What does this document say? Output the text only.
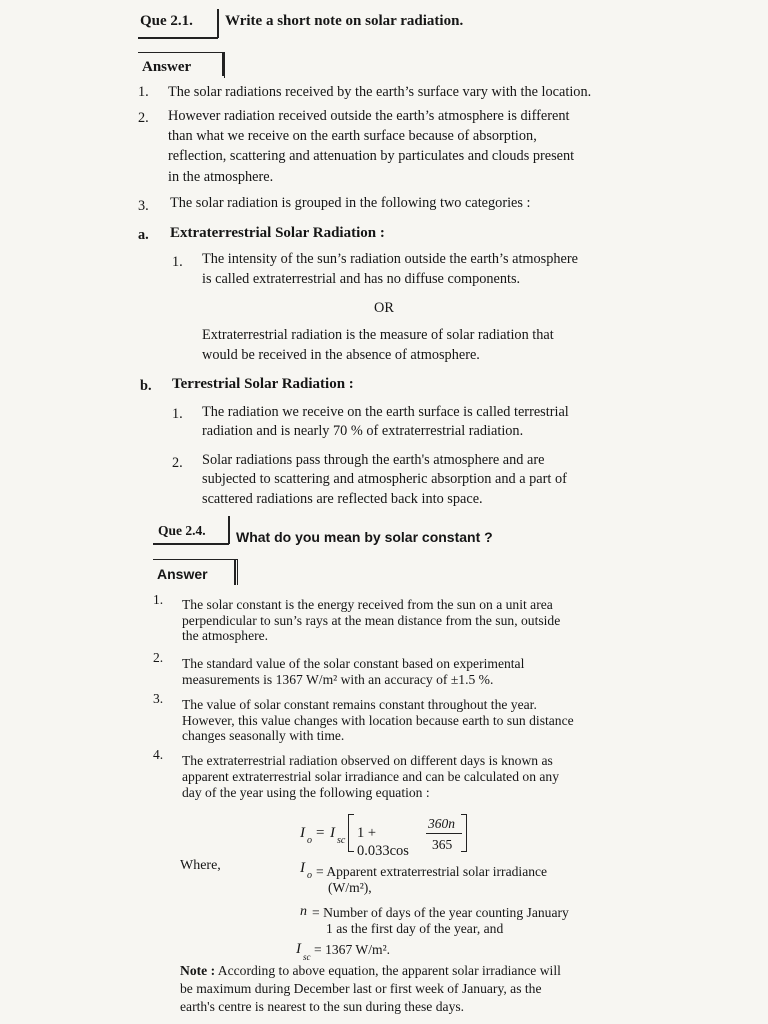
Que 2.1. Write a short note on solar radiation.
Answer
1. The solar radiations received by the earth’s surface vary with the location.
2. However radiation received outside the earth’s atmosphere is different
than what we receive on the earth surface because of absorption,
reflection, scattering and attenuation by particulates and clouds present
in the atmosphere.
3. The solar radiation is grouped in the following two categories :
a. Extraterrestrial Solar Radiation :
1. The intensity of the sun’s radiation outside the earth’s atmosphere
is called extraterrestrial and has no diffuse components.
OR
Extraterrestrial radiation is the measure of solar radiation that
would be received in the absence of atmosphere.
b. Terrestrial Solar Radiation :
1. The radiation we receive on the earth surface is called terrestrial
radiation and is nearly 70 % of extraterrestrial radiation.
2. Solar radiations pass through the earth's atmosphere and are
subjected to scattering and atmospheric absorption and a part of
scattered radiations are reflected back into space.
Que 2.4. What do you mean by solar constant ?
Answer
1. The solar constant is the energy received from the sun on a unit area
perpendicular to sun’s rays at the mean distance from the sun, outside
the atmosphere.
2. The standard value of the solar constant based on experimental
measurements is 1367 W/m² with an accuracy of ±1.5 %.
3. The value of solar constant remains constant throughout the year.
However, this value changes with location because earth to sun distance
changes seasonally with time.
4. The extraterrestrial radiation observed on different days is known as
apparent extraterrestrial solar irradiance and can be calculated on any
day of the year using the following equation :
I o = I sc 1 + 0.033cos
360n
365
Where,	I o = Apparent extraterrestrial solar irradiance
(W/m²),
n = Number of days of the year counting January
1 as the first day of the year, and
I sc = 1367 W/m².
Note : According to above equation, the apparent solar irradiance will
be maximum during December last or first week of January, as the
earth's centre is nearest to the sun during these days.
